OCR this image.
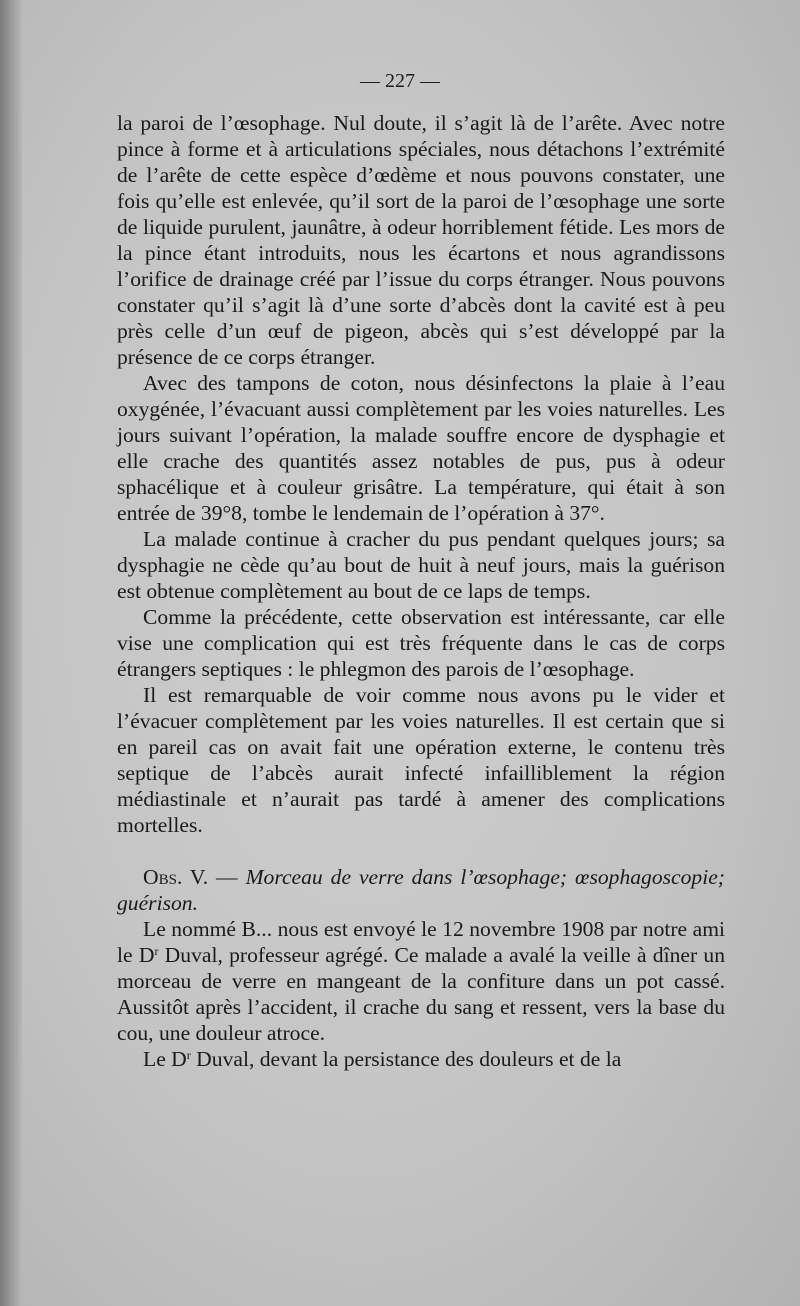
— 227 —

la paroi de l’œsophage. Nul doute, il s’agit là de l’arête. Avec notre pince à forme et à articulations spéciales, nous détachons l’extrémité de l’arête de cette espèce d’œdème et nous pouvons constater, une fois qu’elle est enlevée, qu’il sort de la paroi de l’œsophage une sorte de liquide purulent, jaunâtre, à odeur horriblement fétide. Les mors de la pince étant introduits, nous les écartons et nous agrandissons l’orifice de drainage créé par l’issue du corps étranger. Nous pouvons constater qu’il s’agit là d’une sorte d’abcès dont la cavité est à peu près celle d’un œuf de pigeon, abcès qui s’est développé par la présence de ce corps étranger.

Avec des tampons de coton, nous désinfectons la plaie à l’eau oxygénée, l’évacuant aussi complètement par les voies naturelles. Les jours suivant l’opération, la malade souffre encore de dysphagie et elle crache des quantités assez notables de pus, pus à odeur sphacélique et à couleur grisâtre. La température, qui était à son entrée de 39°8, tombe le lendemain de l’opération à 37°.

La malade continue à cracher du pus pendant quelques jours; sa dysphagie ne cède qu’au bout de huit à neuf jours, mais la guérison est obtenue complètement au bout de ce laps de temps.

Comme la précédente, cette observation est intéressante, car elle vise une complication qui est très fréquente dans le cas de corps étrangers septiques : le phlegmon des parois de l’œsophage.

Il est remarquable de voir comme nous avons pu le vider et l’évacuer complètement par les voies naturelles. Il est certain que si en pareil cas on avait fait une opération externe, le contenu très septique de l’abcès aurait infecté infailliblement la région médiastinale et n’aurait pas tardé à amener des complications mortelles.

Obs. V. — Morceau de verre dans l’œsophage; œsophagoscopie; guérison.

Le nommé B... nous est envoyé le 12 novembre 1908 par notre ami le $D^r$ Duval, professeur agrégé. Ce malade a avalé la veille à dîner un morceau de verre en mangeant de la confiture dans un pot cassé. Aussitôt après l’accident, il crache du sang et ressent, vers la base du cou, une douleur atroce.

Le $D^r$ Duval, devant la persistance des douleurs et de la
